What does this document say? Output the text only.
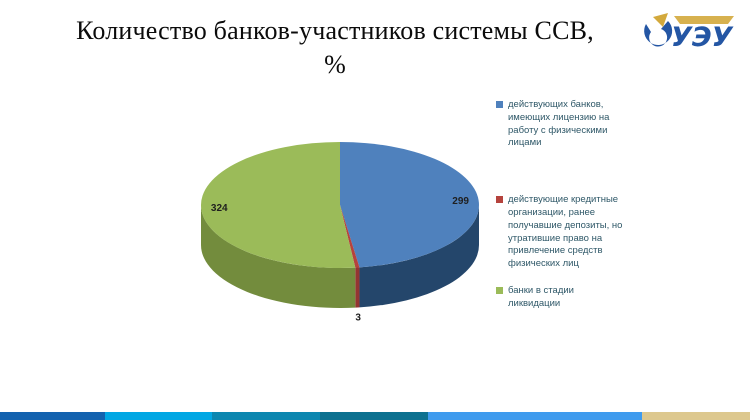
Количество банков-участников системы ССВ,
%
УЭУ
299
3
324
действующих банков, имеющих лицензию на работу с физическими лицами
действующие кредитные организации, ранее получавшие депозиты, но утратившие право на привлечение средств физических лиц
банки в стадии ликвидации
